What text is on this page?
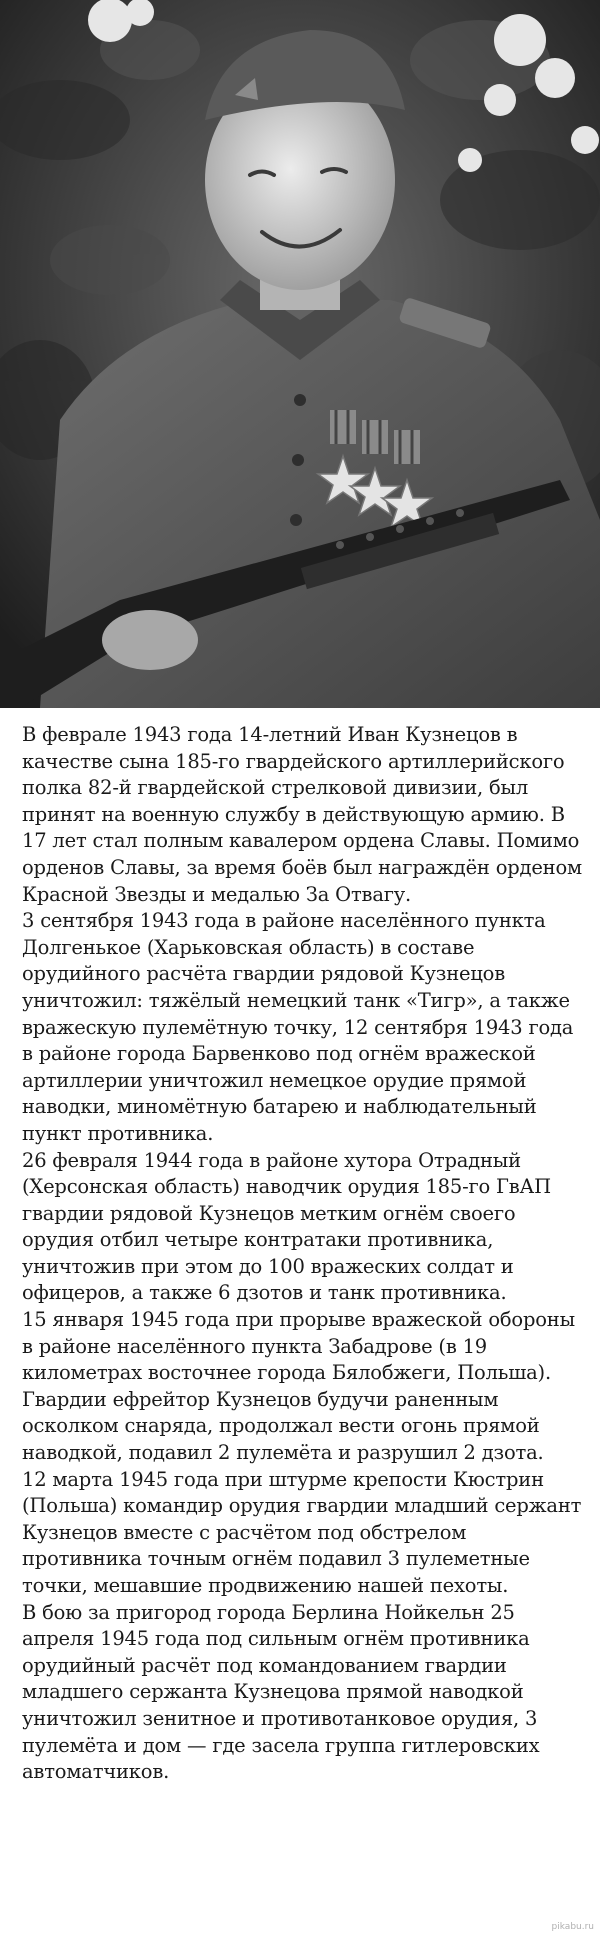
В феврале 1943 года 14-летний Иван Кузнецов в качестве сына 185-го гвардейского артиллерийского полка 82-й гвардейской стрелковой дивизии, был принят на военную службу в действующую армию. В 17 лет стал полным кавалером ордена Славы. Помимо орденов Славы, за время боёв был награждён орденом Красной Звезды и медалью За Отвагу.

3 сентября 1943 года в районе населённого пункта Долгенькое (Харьковская область) в составе орудийного расчёта гвардии рядовой Кузнецов уничтожил: тяжёлый немецкий танк «Тигр», а также вражескую пулемётную точку, 12 сентября 1943 года в районе города Барвенково под огнём вражеской артиллерии уничтожил немецкое орудие прямой наводки, миномётную батарею и наблюдательный пункт противника.

26 февраля 1944 года в районе хутора Отрадный (Херсонская область) наводчик орудия 185-го ГвАП гвардии рядовой Кузнецов метким огнём своего орудия отбил четыре контратаки противника, уничтожив при этом до 100 вражеских солдат и офицеров, а также 6 дзотов и танк противника.

15 января 1945 года при прорыве вражеской обороны в районе населённого пункта Забадрове (в 19 километрах восточнее города Бялобжеги, Польша). Гвардии ефрейтор Кузнецов будучи раненным осколком снаряда, продолжал вести огонь прямой наводкой, подавил 2 пулемёта и разрушил 2 дзота.

12 марта 1945 года при штурме крепости Кюстрин (Польша) командир орудия гвардии младший сержант Кузнецов вместе с расчётом под обстрелом противника точным огнём подавил 3 пулеметные точки, мешавшие продвижению нашей пехоты.

В бою за пригород города Берлина Нойкельн 25 апреля 1945 года под сильным огнём противника орудийный расчёт под командованием гвардии младшего сержанта Кузнецова прямой наводкой уничтожил зенитное и противотанковое орудия, 3 пулемёта и дом — где засела группа гитлеровских автоматчиков.

pikabu.ru
